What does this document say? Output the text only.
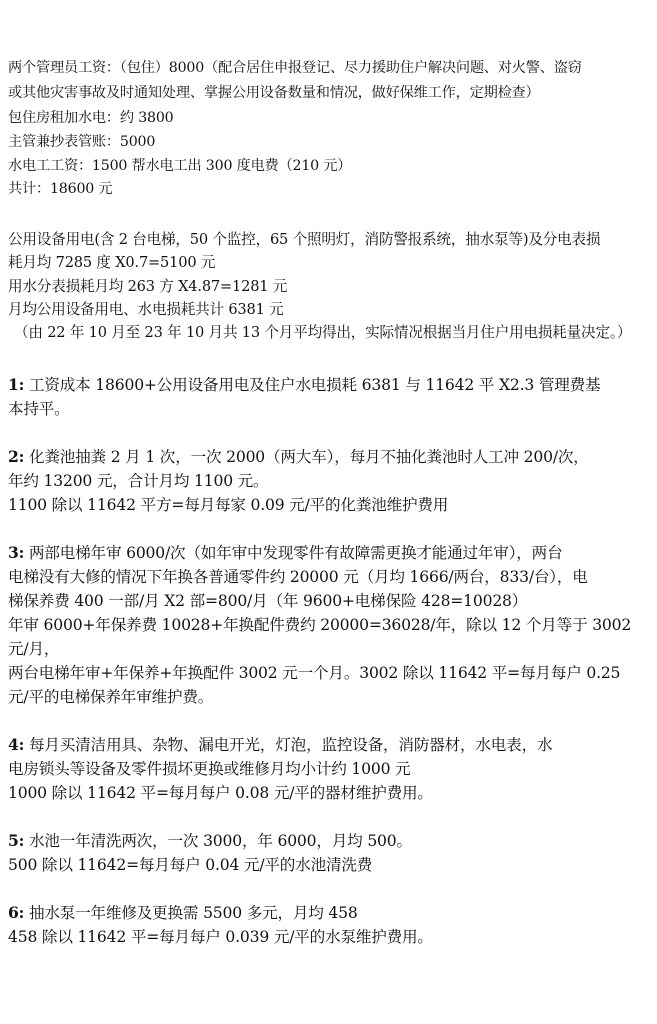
两个管理员工资：（包住）8000（配合居住申报登记、尽力援助住户解决问题、对火警、盗窃
或其他灾害事故及时通知处理、掌握公用设备数量和情况，做好保维工作，定期检查）
包住房租加水电：约 3800
主管兼抄表管账：5000
水电工工资：1500 帮水电工出 300 度电费（210 元）
共计：18600 元
公用设备用电(含 2 台电梯，50 个监控，65 个照明灯，消防警报系统，抽水泵等)及分电表损
耗月均 7285 度 X0.7=5100 元
用水分表损耗月均 263 方 X4.87=1281 元
月均公用设备用电、水电损耗共计 6381 元
（由 22 年 10 月至 23 年 10 月共 13 个月平均得出，实际情况根据当月住户用电损耗量决定。）
1: 工资成本 18600+公用设备用电及住户水电损耗 6381 与 11642 平 X2.3 管理费基
本持平。
2: 化粪池抽粪 2 月 1 次，一次 2000（两大车），每月不抽化粪池时人工冲 200/次，
年约 13200 元，合计月均 1100 元。
1100 除以 11642 平方=每月每家 0.09 元/平的化粪池维护费用
3: 两部电梯年审 6000/次（如年审中发现零件有故障需更换才能通过年审），两台
电梯没有大修的情况下年换各普通零件约 20000 元（月均 1666/两台，833/台），电
梯保养费 400 一部/月 X2 部=800/月（年 9600+电梯保险 428=10028）
年审 6000+年保养费 10028+年换配件费约 20000=36028/年，除以 12 个月等于 3002
元/月，
两台电梯年审+年保养+年换配件 3002 元一个月。3002 除以 11642 平=每月每户 0.25
元/平的电梯保养年审维护费。
4: 每月买清洁用具、杂物、漏电开光，灯泡，监控设备，消防器材，水电表，水
电房锁头等设备及零件损坏更换或维修月均小计约 1000 元
1000 除以 11642 平=每月每户 0.08 元/平的器材维护费用。
5: 水池一年清洗两次，一次 3000，年 6000，月均 500。
500 除以 11642=每月每户 0.04 元/平的水池清洗费
6: 抽水泵一年维修及更换需 5500 多元，月均 458
458 除以 11642 平=每月每户 0.039 元/平的水泵维护费用。
